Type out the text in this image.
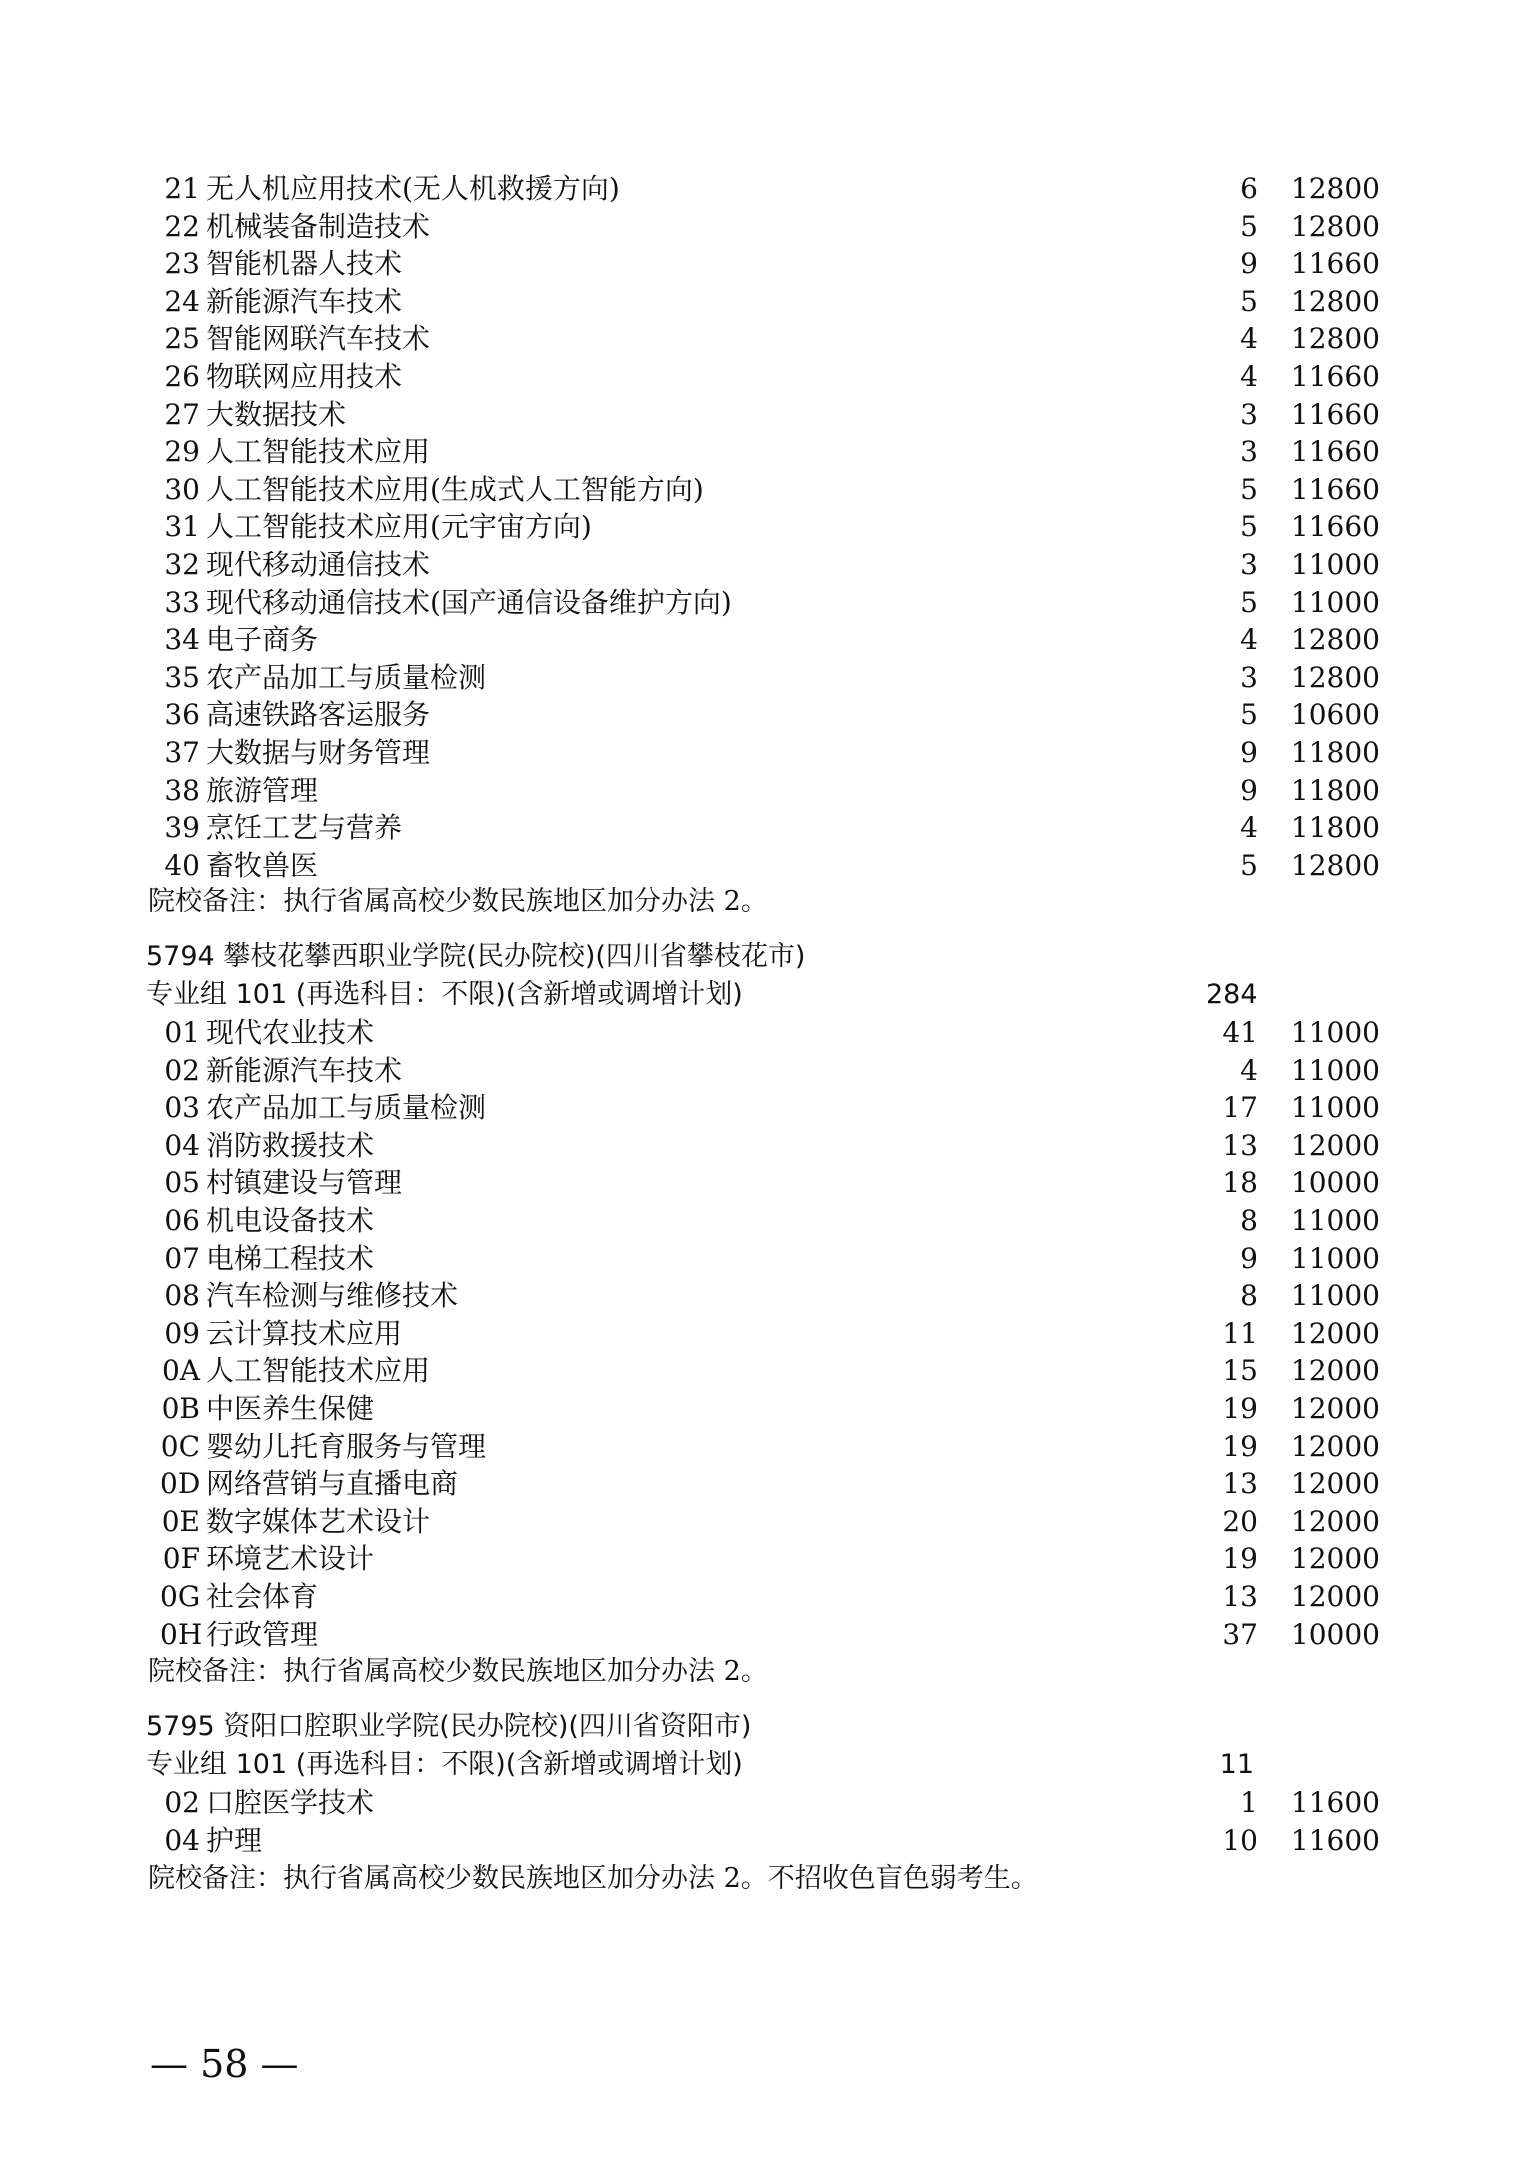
21 无人机应用技术(无人机救援方向)	6 12800
22 机械装备制造技术	5 12800
23 智能机器人技术	9 11660
24 新能源汽车技术	5 12800
25 智能网联汽车技术	4 12800
26 物联网应用技术	4 11660
27 大数据技术	3 11660
29 人工智能技术应用	3 11660
30 人工智能技术应用(生成式人工智能方向)	5 11660
31 人工智能技术应用(元宇宙方向)	5 11660
32 现代移动通信技术	3 11000
33 现代移动通信技术(国产通信设备维护方向)	5 11000
34 电子商务	4 12800
35 农产品加工与质量检测	3 12800
36 高速铁路客运服务	5 10600
37 大数据与财务管理	9 11800
38 旅游管理	9 11800
39 烹饪工艺与营养	4 11800
40 畜牧兽医	5 12800
院校备注：执行省属高校少数民族地区加分办法 2。
5794 攀枝花攀西职业学院(民办院校)(四川省攀枝花市)
专业组 101 (再选科目：不限)(含新增或调增计划)	284
01 现代农业技术	41 11000
02 新能源汽车技术	4 11000
03 农产品加工与质量检测	17 11000
04 消防救援技术	13 12000
05 村镇建设与管理	18 10000
06 机电设备技术	8 11000
07 电梯工程技术	9 11000
08 汽车检测与维修技术	8 11000
09 云计算技术应用	11 12000
0A 人工智能技术应用	15 12000
0B 中医养生保健	19 12000
0C 婴幼儿托育服务与管理	19 12000
0D 网络营销与直播电商	13 12000
0E 数字媒体艺术设计	20 12000
0F 环境艺术设计	19 12000
0G 社会体育	13 12000
0H 行政管理	37 10000
院校备注：执行省属高校少数民族地区加分办法 2。
5795 资阳口腔职业学院(民办院校)(四川省资阳市)
专业组 101 (再选科目：不限)(含新增或调增计划)	11
02 口腔医学技术	1 11600
04 护理	10 11600
院校备注：执行省属高校少数民族地区加分办法 2。不招收色盲色弱考生。
— 58 —
